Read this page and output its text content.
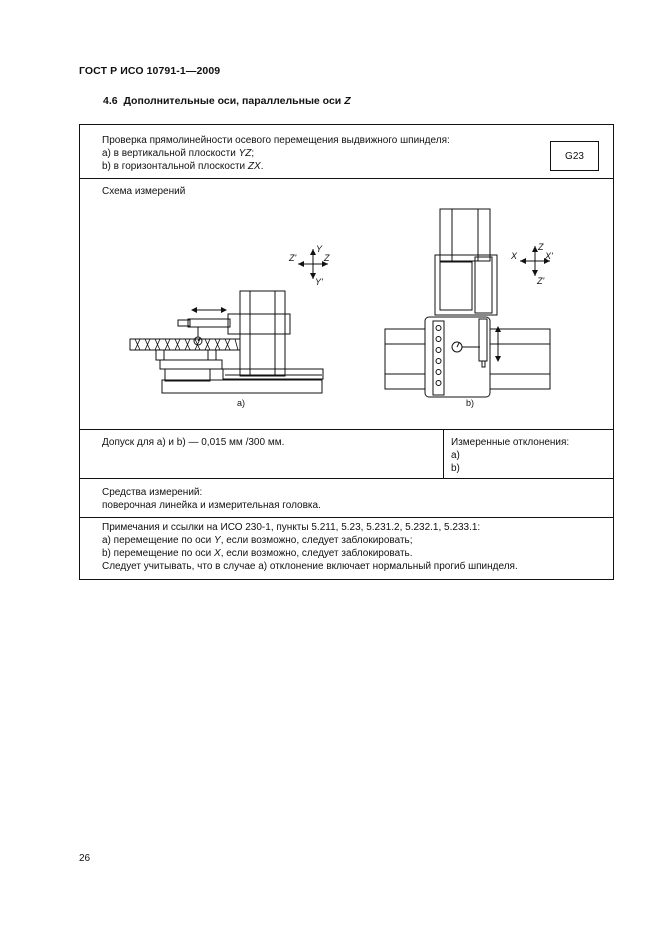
ГОСТ Р ИСО 10791-1—2009
4.6 Дополнительные оси, параллельные оси Z
Проверка прямолинейности осевого перемещения выдвижного шпинделя:
a) в вертикальной плоскости YZ;
b) в горизонтальной плоскости ZX.
G23
Схема измерений
Y
Y'
Z
Z'
a)
Z
Z'
X	X'
b)
Допуск для а) и b) — 0,015 мм /300 мм.	Измеренные отклонения:
a)
b)
Средства измерений:
поверочная линейка и измерительная головка.
Примечания и ссылки на ИСО 230-1, пункты 5.211, 5.23, 5.231.2, 5.232.1, 5.233.1:
а) перемещение по оси Y, если возможно, следует заблокировать;
b) перемещение по оси X, если возможно, следует заблокировать.
Следует учитывать, что в случае а) отклонение включает нормальный прогиб шпинделя.
26
